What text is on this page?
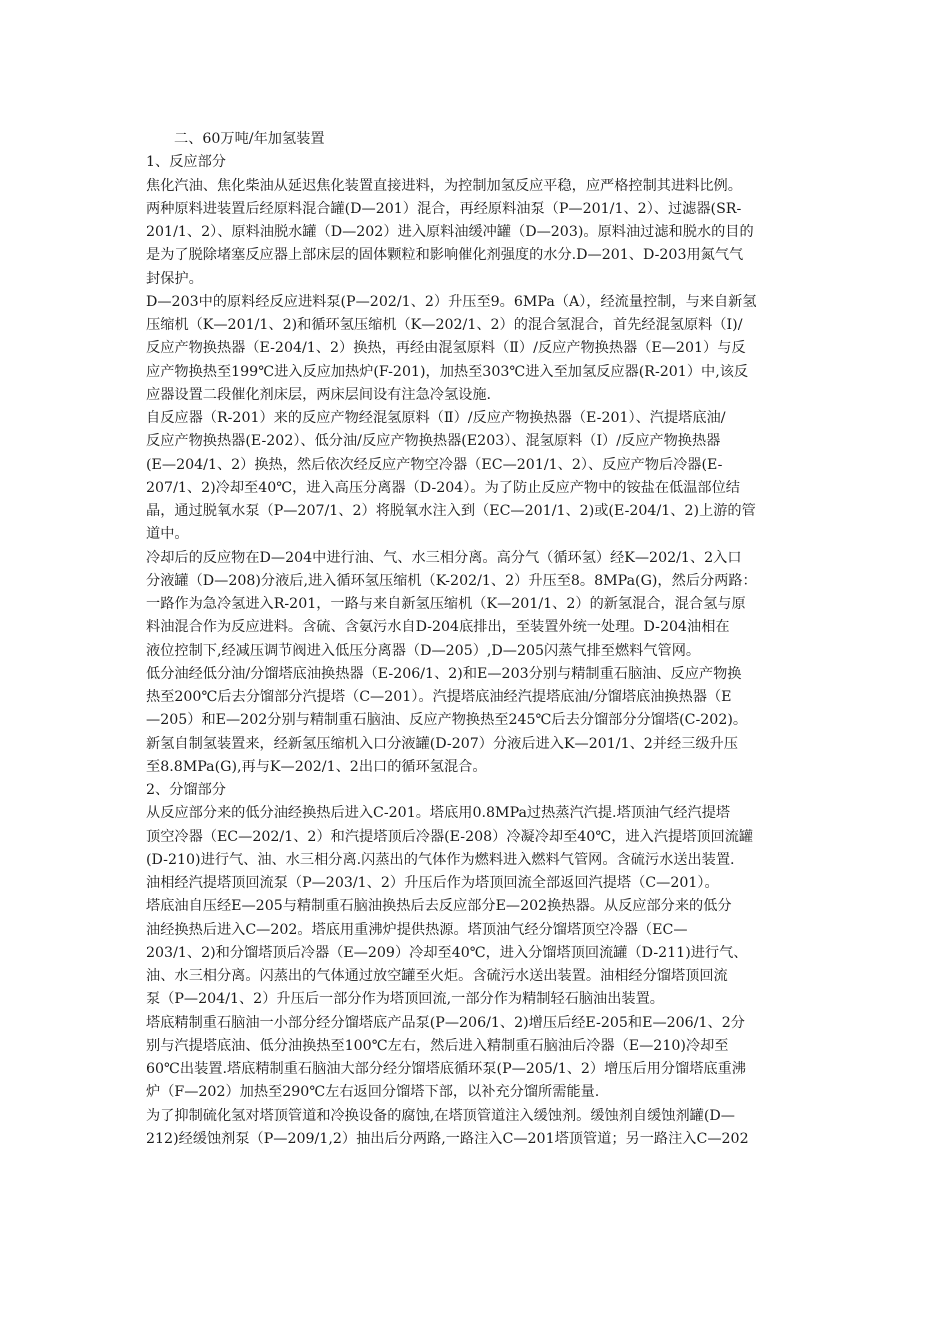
二、60万吨/年加氢装置
1、反应部分
焦化汽油、焦化柴油从延迟焦化装置直接进料，为控制加氢反应平稳，应严格控制其进料比例。
两种原料进装置后经原料混合罐(D—201）混合，再经原料油泵（P—201/1、2）、过滤器(SR-
201/1、2）、原料油脱水罐（D—202）进入原料油缓冲罐（D—203)。原料油过滤和脱水的目的
是为了脱除堵塞反应器上部床层的固体颗粒和影响催化剂强度的水分.D—201、D-203用氮气气
封保护。
D—203中的原料经反应进料泵(P—202/1、2）升压至9。6MPa（A），经流量控制，与来自新氢
压缩机（K—201/1、2)和循环氢压缩机（K—202/1、2）的混合氢混合，首先经混氢原料（I)/
反应产物换热器（E-204/1、2）换热，再经由混氢原料（Ⅱ）/反应产物换热器（E—201）与反
应产物换热至199℃进入反应加热炉(F-201)，加热至303℃进入至加氢反应器(R-201）中,该反
应器设置二段催化剂床层，两床层间设有注急冷氢设施.
自反应器（R-201）来的反应产物经混氢原料（Ⅱ）/反应产物换热器（E-201）、汽提塔底油/
反应产物换热器(E-202）、低分油/反应产物换热器(E203）、混氢原料（I）/反应产物换热器
(E—204/1、2）换热，然后依次经反应产物空冷器（EC—201/1、2）、反应产物后冷器(E-
207/1、2)冷却至40℃，进入高压分离器（D-204）。为了防止反应产物中的铵盐在低温部位结
晶，通过脱氧水泵（P—207/1、2）将脱氧水注入到（EC—201/1、2)或(E-204/1、2)上游的管
道中。
冷却后的反应物在D—204中进行油、气、水三相分离。高分气（循环氢）经K—202/1、2入口
分液罐（D—208)分液后,进入循环氢压缩机（K-202/1、2）升压至8。8MPa(G)，然后分两路：
一路作为急冷氢进入R-201，一路与来自新氢压缩机（K—201/1、2）的新氢混合，混合氢与原
料油混合作为反应进料。含硫、含氨污水自D-204底排出，至装置外统一处理。D-204油相在
液位控制下,经减压调节阀进入低压分离器（D—205）,D—205闪蒸气排至燃料气管网。
低分油经低分油/分馏塔底油换热器（E-206/1、2)和E—203分别与精制重石脑油、反应产物换
热至200℃后去分馏部分汽提塔（C—201）。汽提塔底油经汽提塔底油/分馏塔底油换热器（E
—205）和E—202分别与精制重石脑油、反应产物换热至245℃后去分馏部分分馏塔(C-202)。
新氢自制氢装置来，经新氢压缩机入口分液罐(D-207）分液后进入K—201/1、2并经三级升压
至8.8MPa(G),再与K—202/1、2出口的循环氢混合。
2、分馏部分
从反应部分来的低分油经换热后进入C-201。塔底用0.8MPa过热蒸汽汽提.塔顶油气经汽提塔
顶空冷器（EC—202/1、2）和汽提塔顶后冷器(E-208）冷凝冷却至40℃，进入汽提塔顶回流罐
(D-210)进行气、油、水三相分离.闪蒸出的气体作为燃料进入燃料气管网。含硫污水送出装置.
油相经汽提塔顶回流泵（P—203/1、2）升压后作为塔顶回流全部返回汽提塔（C—201）。
塔底油自压经E—205与精制重石脑油换热后去反应部分E—202换热器。从反应部分来的低分
油经换热后进入C—202。塔底用重沸炉提供热源。塔顶油气经分馏塔顶空冷器（EC—
203/1、2)和分馏塔顶后冷器（E—209）冷却至40℃，进入分馏塔顶回流罐（D-211)进行气、
油、水三相分离。闪蒸出的气体通过放空罐至火炬。含硫污水送出装置。油相经分馏塔顶回流
泵（P—204/1、2）升压后一部分作为塔顶回流,一部分作为精制轻石脑油出装置。
塔底精制重石脑油一小部分经分馏塔底产品泵(P—206/1、2)增压后经E-205和E—206/1、2分
别与汽提塔底油、低分油换热至100℃左右，然后进入精制重石脑油后冷器（E—210)冷却至
60℃出装置.塔底精制重石脑油大部分经分馏塔底循环泵(P—205/1、2）增压后用分馏塔底重沸
炉（F—202）加热至290℃左右返回分馏塔下部，以补充分馏所需能量.
为了抑制硫化氢对塔顶管道和冷换设备的腐蚀,在塔顶管道注入缓蚀剂。缓蚀剂自缓蚀剂罐(D—
212)经缓蚀剂泵（P—209/1,2）抽出后分两路,一路注入C—201塔顶管道；另一路注入C—202
